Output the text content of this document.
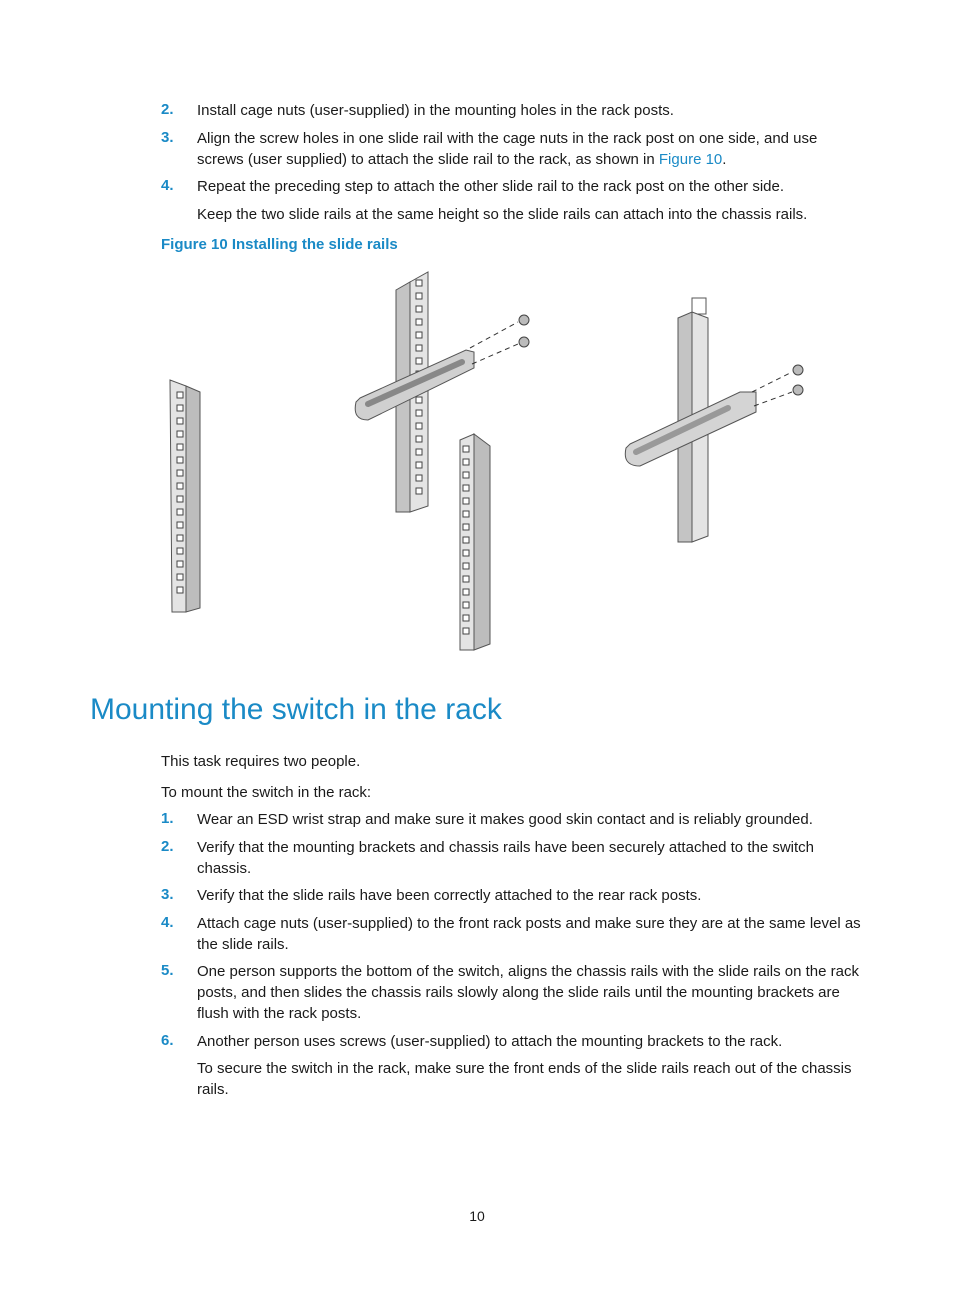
2. Install cage nuts (user-supplied) in the mounting holes in the rack posts.
3. Align the screw holes in one slide rail with the cage nuts in the rack post on one side, and use screws (user supplied) to attach the slide rail to the rack, as shown in Figure 10.
4. Repeat the preceding step to attach the other slide rail to the rack post on the other side.
Keep the two slide rails at the same height so the slide rails can attach into the chassis rails.
Figure 10 Installing the slide rails
Mounting the switch in the rack
This task requires two people.
To mount the switch in the rack:
1. Wear an ESD wrist strap and make sure it makes good skin contact and is reliably grounded.
2. Verify that the mounting brackets and chassis rails have been securely attached to the switch chassis.
3. Verify that the slide rails have been correctly attached to the rear rack posts.
4. Attach cage nuts (user-supplied) to the front rack posts and make sure they are at the same level as the slide rails.
5. One person supports the bottom of the switch, aligns the chassis rails with the slide rails on the rack posts, and then slides the chassis rails slowly along the slide rails until the mounting brackets are flush with the rack posts.
6. Another person uses screws (user-supplied) to attach the mounting brackets to the rack.
To secure the switch in the rack, make sure the front ends of the slide rails reach out of the chassis rails.
10
